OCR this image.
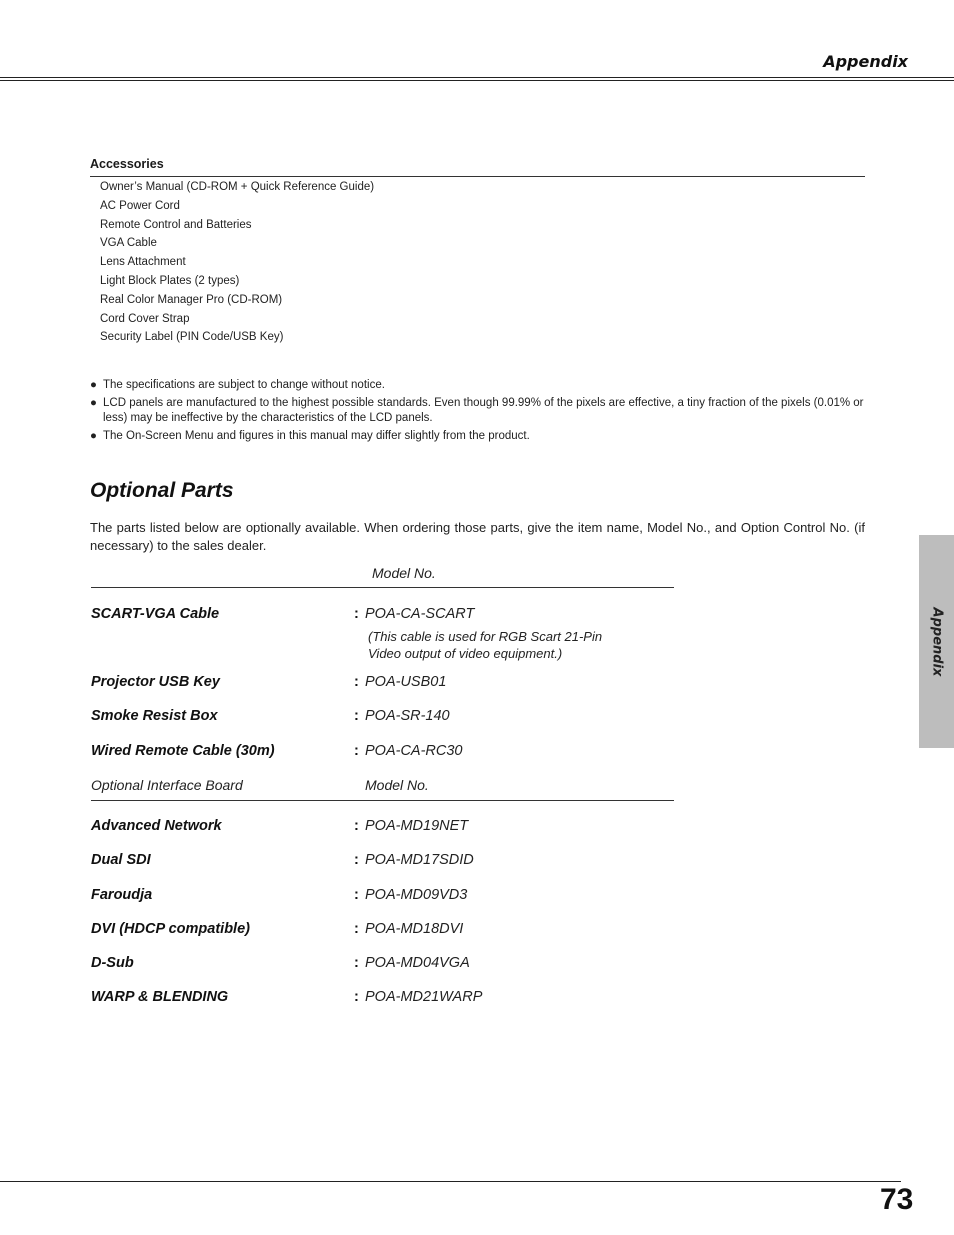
Appendix
Accessories
Owner’s Manual (CD-ROM + Quick Reference Guide)
AC Power Cord
Remote Control and Batteries
VGA Cable
Lens Attachment
Light Block Plates (2 types)
Real Color Manager Pro (CD-ROM)
Cord Cover Strap
Security Label (PIN Code/USB Key)
● The specifications are subject to change without notice.
● LCD panels are manufactured to the highest possible standards. Even though 99.99% of the pixels are effective, a tiny fraction of the pixels (0.01% or less) may be ineffective by the characteristics of the LCD panels.
● The On-Screen Menu and figures in this manual may differ slightly from the product.
Optional Parts
The parts listed below are optionally available. When ordering those parts, give the item name, Model No., and Option Control No. (if necessary) to the sales dealer.
Model No.
SCART-VGA Cable	: POA-CA-SCART
(This cable is used for RGB Scart 21-Pin
Video output of video equipment.)
Projector USB Key	: POA-USB01
Smoke Resist Box	: POA-SR-140
Wired Remote Cable (30m)	: POA-CA-RC30
Optional Interface Board	Model No.
Advanced Network	: POA-MD19NET
Dual SDI	: POA-MD17SDID
Faroudja	: POA-MD09VD3
DVI (HDCP compatible)	: POA-MD18DVI
D-Sub	: POA-MD04VGA
WARP & BLENDING	: POA-MD21WARP
Appendix
73
